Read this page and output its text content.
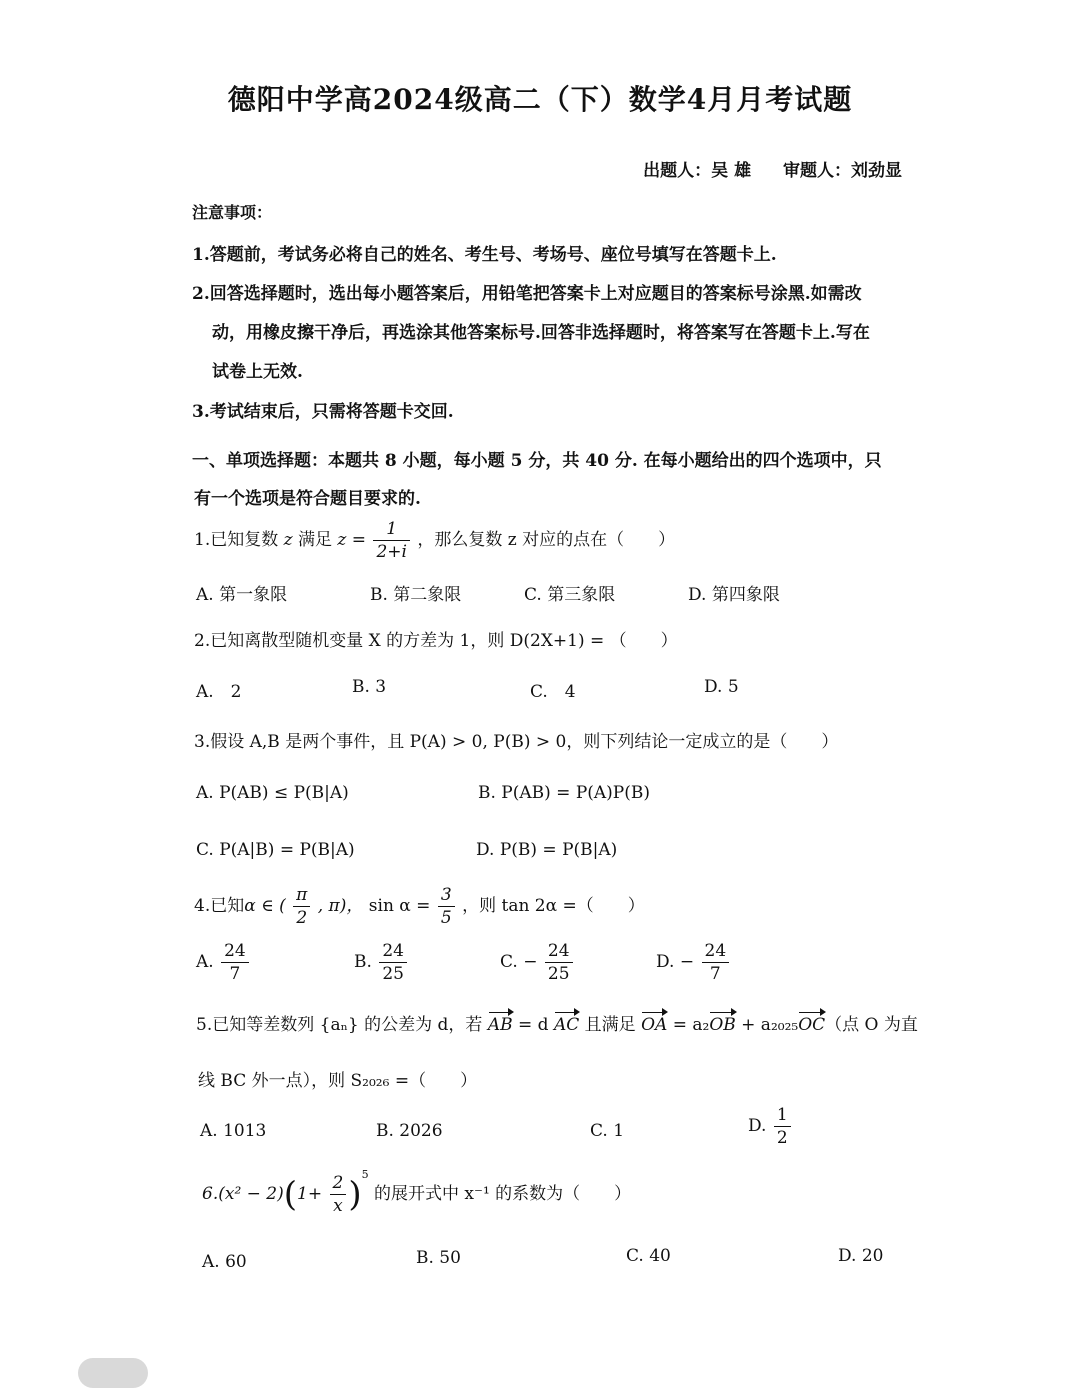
德阳中学高2024级高二（下）数学4月月考试题
出题人：吴 雄 审题人：刘劲显
注意事项：
1.答题前，考试务必将自己的姓名、考生号、考场号、座位号填写在答题卡上.
2.回答选择题时，选出每小题答案后，用铅笔把答案卡上对应题目的答案标号涂黑.如需改
动，用橡皮擦干净后，再选涂其他答案标号.回答非选择题时，将答案写在答题卡上.写在
试卷上无效.
3.考试结束后，只需将答题卡交回.
一、单项选择题：本题共 8 小题，每小题 5 分，共 40 分. 在每小题给出的四个选项中，只
有一个选项是符合题目要求的.
1.已知复数 z 满足 $z = \frac{1}{2+i}$ ，那么复数 z 对应的点在（　　）
A. 第一象限	B. 第二象限	C. 第三象限	D. 第四象限
2.已知离散型随机变量 X 的方差为 1，则 D(2X+1) = （　　）
A.　2	B. 3	C.　4	D. 5
3.假设 A,B 是两个事件，且 P(A) > 0, P(B) > 0，则下列结论一定成立的是（　　）
A. P(AB) ≤ P(B|A)	B. P(AB) = P(A)P(B)
C. P(A|B) = P(B|A)	D. P(B) = P(B|A)
4.已知α ∈ ( $\frac{\pi}{2}$ , π)， $\sin \alpha = \frac{3}{5}$ ，则 tan 2α =（　　）
A. $\frac{24}{7}$	B. $\frac{24}{25}$	C. − $\frac{24}{25}$	D. − $\frac{24}{7}$
5.已知等差数列 {aₙ} 的公差为 d，若 AB = d AC 且满足 OA = a₂OB + a₂₀₂₅OC（点 O 为直
线 BC 外一点），则 S₂₀₂₆ =（　　）
A. 1013	B. 2026	C. 1	D. $\frac{1}{2}$
$6.(x^2 - 2)(1+ \frac{2}{x} )^5$ 的展开式中 x⁻¹ 的系数为（　　）
A. 60	B. 50	C. 40	D. 20
